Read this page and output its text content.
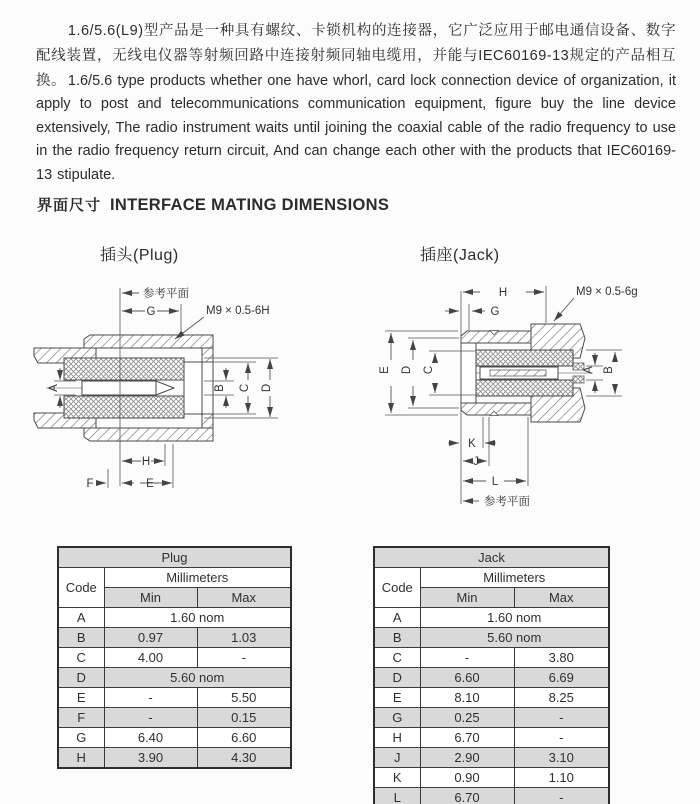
1.6/5.6(L9)型产品是一种具有螺纹、卡锁机构的连接器，它广泛应用于邮电通信设备、数字配线装置，无线电仪器等射频回路中连接射频同轴电缆用，并能与IEC60169-13规定的产品相互换。 1.6/5.6 type products whether one have whorl, card lock connection device of organization, it apply to post and telecommunications communication equipment, figure buy the line device extensively, The radio instrument waits until joining the coaxial cable of the radio frequency to use in the radio frequency return circuit, And can change each other with the products that IEC60169-13 stipulate.

界面尺寸 INTERFACE MATING DIMENSIONS
插头(Plug)	插座(Jack)
参考平面
G	M9 × 0.5-6H
A	B C D
H
F	E
H	M9 × 0.5-6g
G
E D C	A B
K
J
L
参考平面
Plug		
Code	Millimeters	
	Min	Max
A	1.60 nom	
B	0.97	1.03
C	4.00	-
D	5.60 nom	
E	-	5.50
F	-	0.15
G	6.40	6.60
H	3.90	4.30
Jack		
Code	Millimeters	
	Min	Max
A	1.60 nom	
B	5.60 nom	
C	-	3.80
D	6.60	6.69
E	8.10	8.25
G	0.25	-
H	6.70	-
J	2.90	3.10
K	0.90	1.10
L	6.70	-
